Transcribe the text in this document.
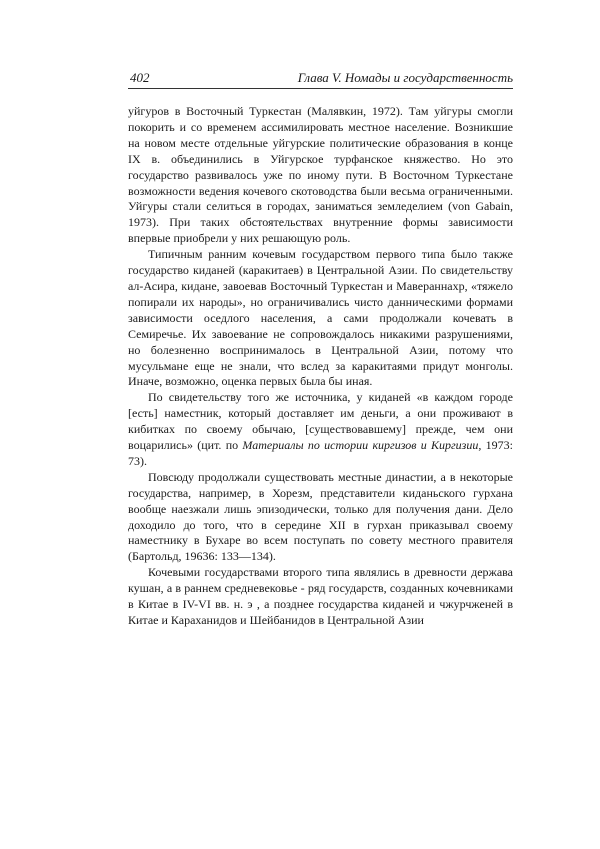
402	Глава V. Номады и государственность

уйгуров в Восточный Туркестан (Малявкин, 1972). Там уйгуры смогли покорить и со временем ассимилировать местное население. Возникшие на новом месте отдельные уйгурские политические образования в конце IX в. объединились в Уйгурское турфанское княжество. Но это государство развивалось уже по иному пути. В Восточном Туркестане возможности ведения кочевого скотоводства были весьма ограниченными. Уйгуры стали селиться в городах, заниматься земледелием (von Gabain, 1973). При таких обстоятельствах внутренние формы зависимости впервые приобрели у них решающую роль.

Типичным ранним кочевым государством первого типа было также государство киданей (каракитаев) в Центральной Азии. По свидетельству ал-Асира, кидане, завоевав Восточный Туркестан и Мавераннахр, «тяжело попирали их народы», но ограничивались чисто данническими формами зависимости оседлого населения, а сами продолжали кочевать в Семиречье. Их завоевание не сопровождалось никакими разрушениями, но болезненно воспринималось в Центральной Азии, потому что мусульмане еще не знали, что вслед за каракитаями придут монголы. Иначе, возможно, оценка первых была бы иная.

По свидетельству того же источника, у киданей «в каждом городе [есть] наместник, который доставляет им деньги, а они проживают в кибитках по своему обычаю, [существовавшему] прежде, чем они воцарились» (цит. по Материалы по истории киргизов и Киргизии, 1973: 73).

Повсюду продолжали существовать местные династии, а в некоторые государства, например, в Хорезм, представители киданьского гурхана вообще наезжали лишь эпизодически, только для получения дани. Дело доходило до того, что в середине XII в гурхан приказывал своему наместнику в Бухаре во всем поступать по совету местного правителя (Бартольд, 19636: 133—134).

Кочевыми государствами второго типа являлись в древности держава кушан, а в раннем средневековье - ряд государств, созданных кочевниками в Китае в IV-VI вв. н. э , а позднее государства киданей и чжурчженей в Китае и Караханидов и Шейбанидов в Центральной Азии
